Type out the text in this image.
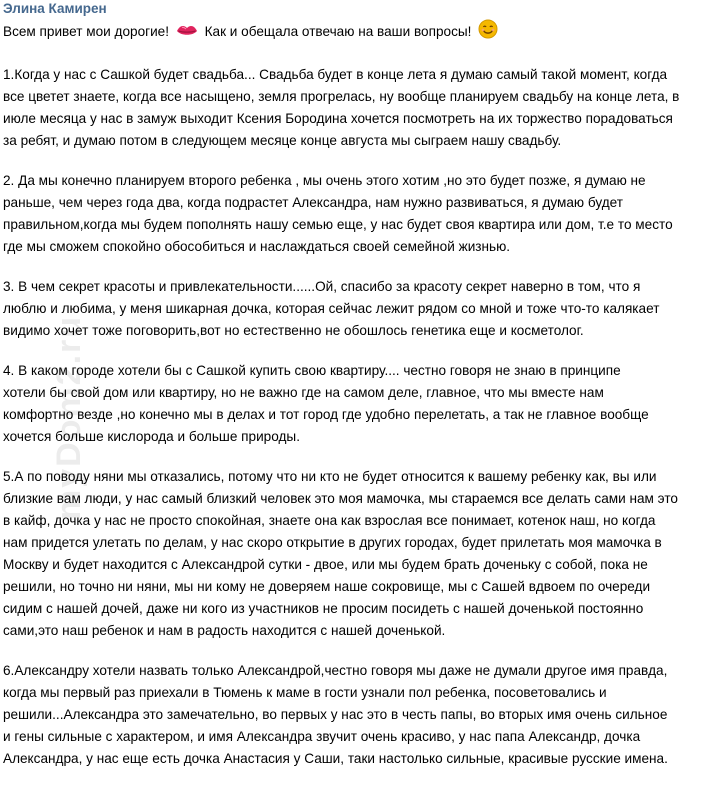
myDom2.ru
Элина Камирен
Всем привет мои дорогие!	Как и обещала отвечаю на ваши вопросы!

1.Когда у нас с Сашкой будет свадьба... Свадьба будет в конце лета я думаю самый такой момент, когда
все цветет знаете, когда все насыщено, земля прогрелась, ну вообще планируем свадьбу на конце лета, в
июле месяца у нас в замуж выходит Ксения Бородина хочется посмотреть на их торжество порадоваться
за ребят, и думаю потом в следующем месяце конце августа мы сыграем нашу свадьбу.

2. Да мы конечно планируем второго ребенка , мы очень этого хотим ,но это будет позже, я думаю не
раньше, чем через года два, когда подрастет Александра, нам нужно развиваться, я думаю будет
правильном,когда мы будем пополнять нашу семью еще, у нас будет своя квартира или дом, т.е то место
где мы сможем спокойно обособиться и наслаждаться своей семейной жизнью.

3. В чем секрет красоты и привлекательности......Ой, спасибо за красоту секрет наверно в том, что я
люблю и любима, у меня шикарная дочка, которая сейчас лежит рядом со мной и тоже что-то калякает
видимо хочет тоже поговорить,вот но естественно не обошлось генетика еще и косметолог.

4. В каком городе хотели бы с Сашкой купить свою квартиру.... честно говоря не знаю в принципе
хотели бы свой дом или квартиру, но не важно где на самом деле, главное, что мы вместе нам
комфортно везде ,но конечно мы в делах и тот город где удобно перелетать, а так не главное вообще
хочется больше кислорода и больше природы.

5.А по поводу няни мы отказались, потому что ни кто не будет относится к вашему ребенку как, вы или
близкие вам люди, у нас самый близкий человек это моя мамочка, мы стараемся все делать сами нам это
в кайф, дочка у нас не просто спокойная, знаете она как взрослая все понимает, котенок наш, но когда
нам придется улетать по делам, у нас скоро открытие в других городах, будет прилетать моя мамочка в
Москву и будет находится с Александрой сутки - двое, или мы будем брать доченьку с собой, пока не
решили, но точно ни няни, мы ни кому не доверяем наше сокровище, мы с Сашей вдвоем по очереди
сидим с нашей дочей, даже ни кого из участников не просим посидеть с нашей доченькой постоянно
сами,это наш ребенок и нам в радость находится с нашей доченькой.

6.Александру хотели назвать только Александрой,честно говоря мы даже не думали другое имя правда,
когда мы первый раз приехали в Тюмень к маме в гости узнали пол ребенка, посоветовались и
решили...Александра это замечательно, во первых у нас это в честь папы, во вторых имя очень сильное
и гены сильные с характером, и имя Александра звучит очень красиво, у нас папа Александр, дочка
Александра, у нас еще есть дочка Анастасия у Саши, таки настолько сильные, красивые русские имена.
